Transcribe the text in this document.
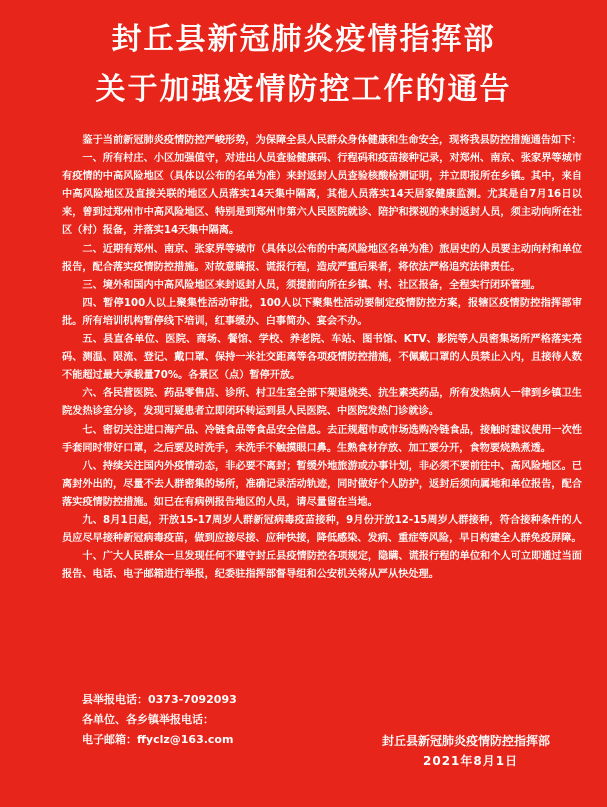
封丘县新冠肺炎疫情指挥部
关于加强疫情防控工作的通告

鉴于当前新冠肺炎疫情防控严峻形势，为保障全县人民群众身体健康和生命安全，现将我县防控措施通告如下：

一、所有村庄、小区加强值守，对进出人员查验健康码、行程码和疫苗接种记录，对郑州、南京、张家界等城市有疫情的中高风险地区（具体以公布的名单为准）来封返封人员查验核酸检测证明，并立即报所在乡镇。其中，来自中高风险地区及直接关联的地区人员落实14天集中隔离，其他人员落实14天居家健康监测。尤其是自7月16日以来，曾到过郑州市中高风险地区、特别是到郑州市第六人民医院就诊、陪护和探视的来封返封人员，须主动向所在社区（村）报备，并落实14天集中隔离。

二、近期有郑州、南京、张家界等城市（具体以公布的中高风险地区名单为准）旅居史的人员要主动向村和单位报告，配合落实疫情防控措施。对故意瞒报、谎报行程，造成严重后果者，将依法严格追究法律责任。

三、境外和国内中高风险地区来封返封人员，须提前向所在乡镇、村、社区报备，全程实行闭环管理。

四、暂停100人以上聚集性活动审批，100人以下聚集性活动要制定疫情防控方案，报辖区疫情防控指挥部审批。所有培训机构暂停线下培训，红事缓办、白事简办、宴会不办。

五、县直各单位、医院、商场、餐馆、学校、养老院、车站、图书馆、KTV、影院等人员密集场所严格落实亮码、测温、限流、登记、戴口罩、保持一米社交距离等各项疫情防控措施，不佩戴口罩的人员禁止入内，且接待人数不能超过最大承载量70%。各景区（点）暂停开放。

六、各民营医院、药品零售店、诊所、村卫生室全部下架退烧类、抗生素类药品，所有发热病人一律到乡镇卫生院发热诊室分诊，发现可疑患者立即闭环转运到县人民医院、中医院发热门诊就诊。

七、密切关注进口海产品、冷链食品等食品安全信息。去正规超市或市场选购冷链食品，接触时建议使用一次性手套同时带好口罩，之后要及时洗手，未洗手不触摸眼口鼻。生熟食材存放、加工要分开，食物要烧熟煮透。

八、持续关注国内外疫情动态，非必要不离封；暂缓外地旅游或办事计划，非必须不要前往中、高风险地区。已离封外出的，尽量不去人群密集的场所，准确记录活动轨迹，同时做好个人防护，返封后须向属地和单位报告，配合落实疫情防控措施。如已在有病例报告地区的人员，请尽量留在当地。

九、8月1日起，开放15-17周岁人群新冠病毒疫苗接种，9月份开放12-15周岁人群接种，符合接种条件的人员应尽早接种新冠病毒疫苗，做到应接尽接、应种快接，降低感染、发病、重症等风险，早日构建全人群免疫屏障。

十、广大人民群众一旦发现任何不遵守封丘县疫情防控各项规定，隐瞒、谎报行程的单位和个人可立即通过当面报告、电话、电子邮箱进行举报，纪委驻指挥部督导组和公安机关将从严从快处理。

县举报电话：0373-7092093
各单位、各乡镇举报电话：
电子邮箱：ffyclz@163.com	封丘县新冠肺炎疫情防控指挥部
2021年8月1日
